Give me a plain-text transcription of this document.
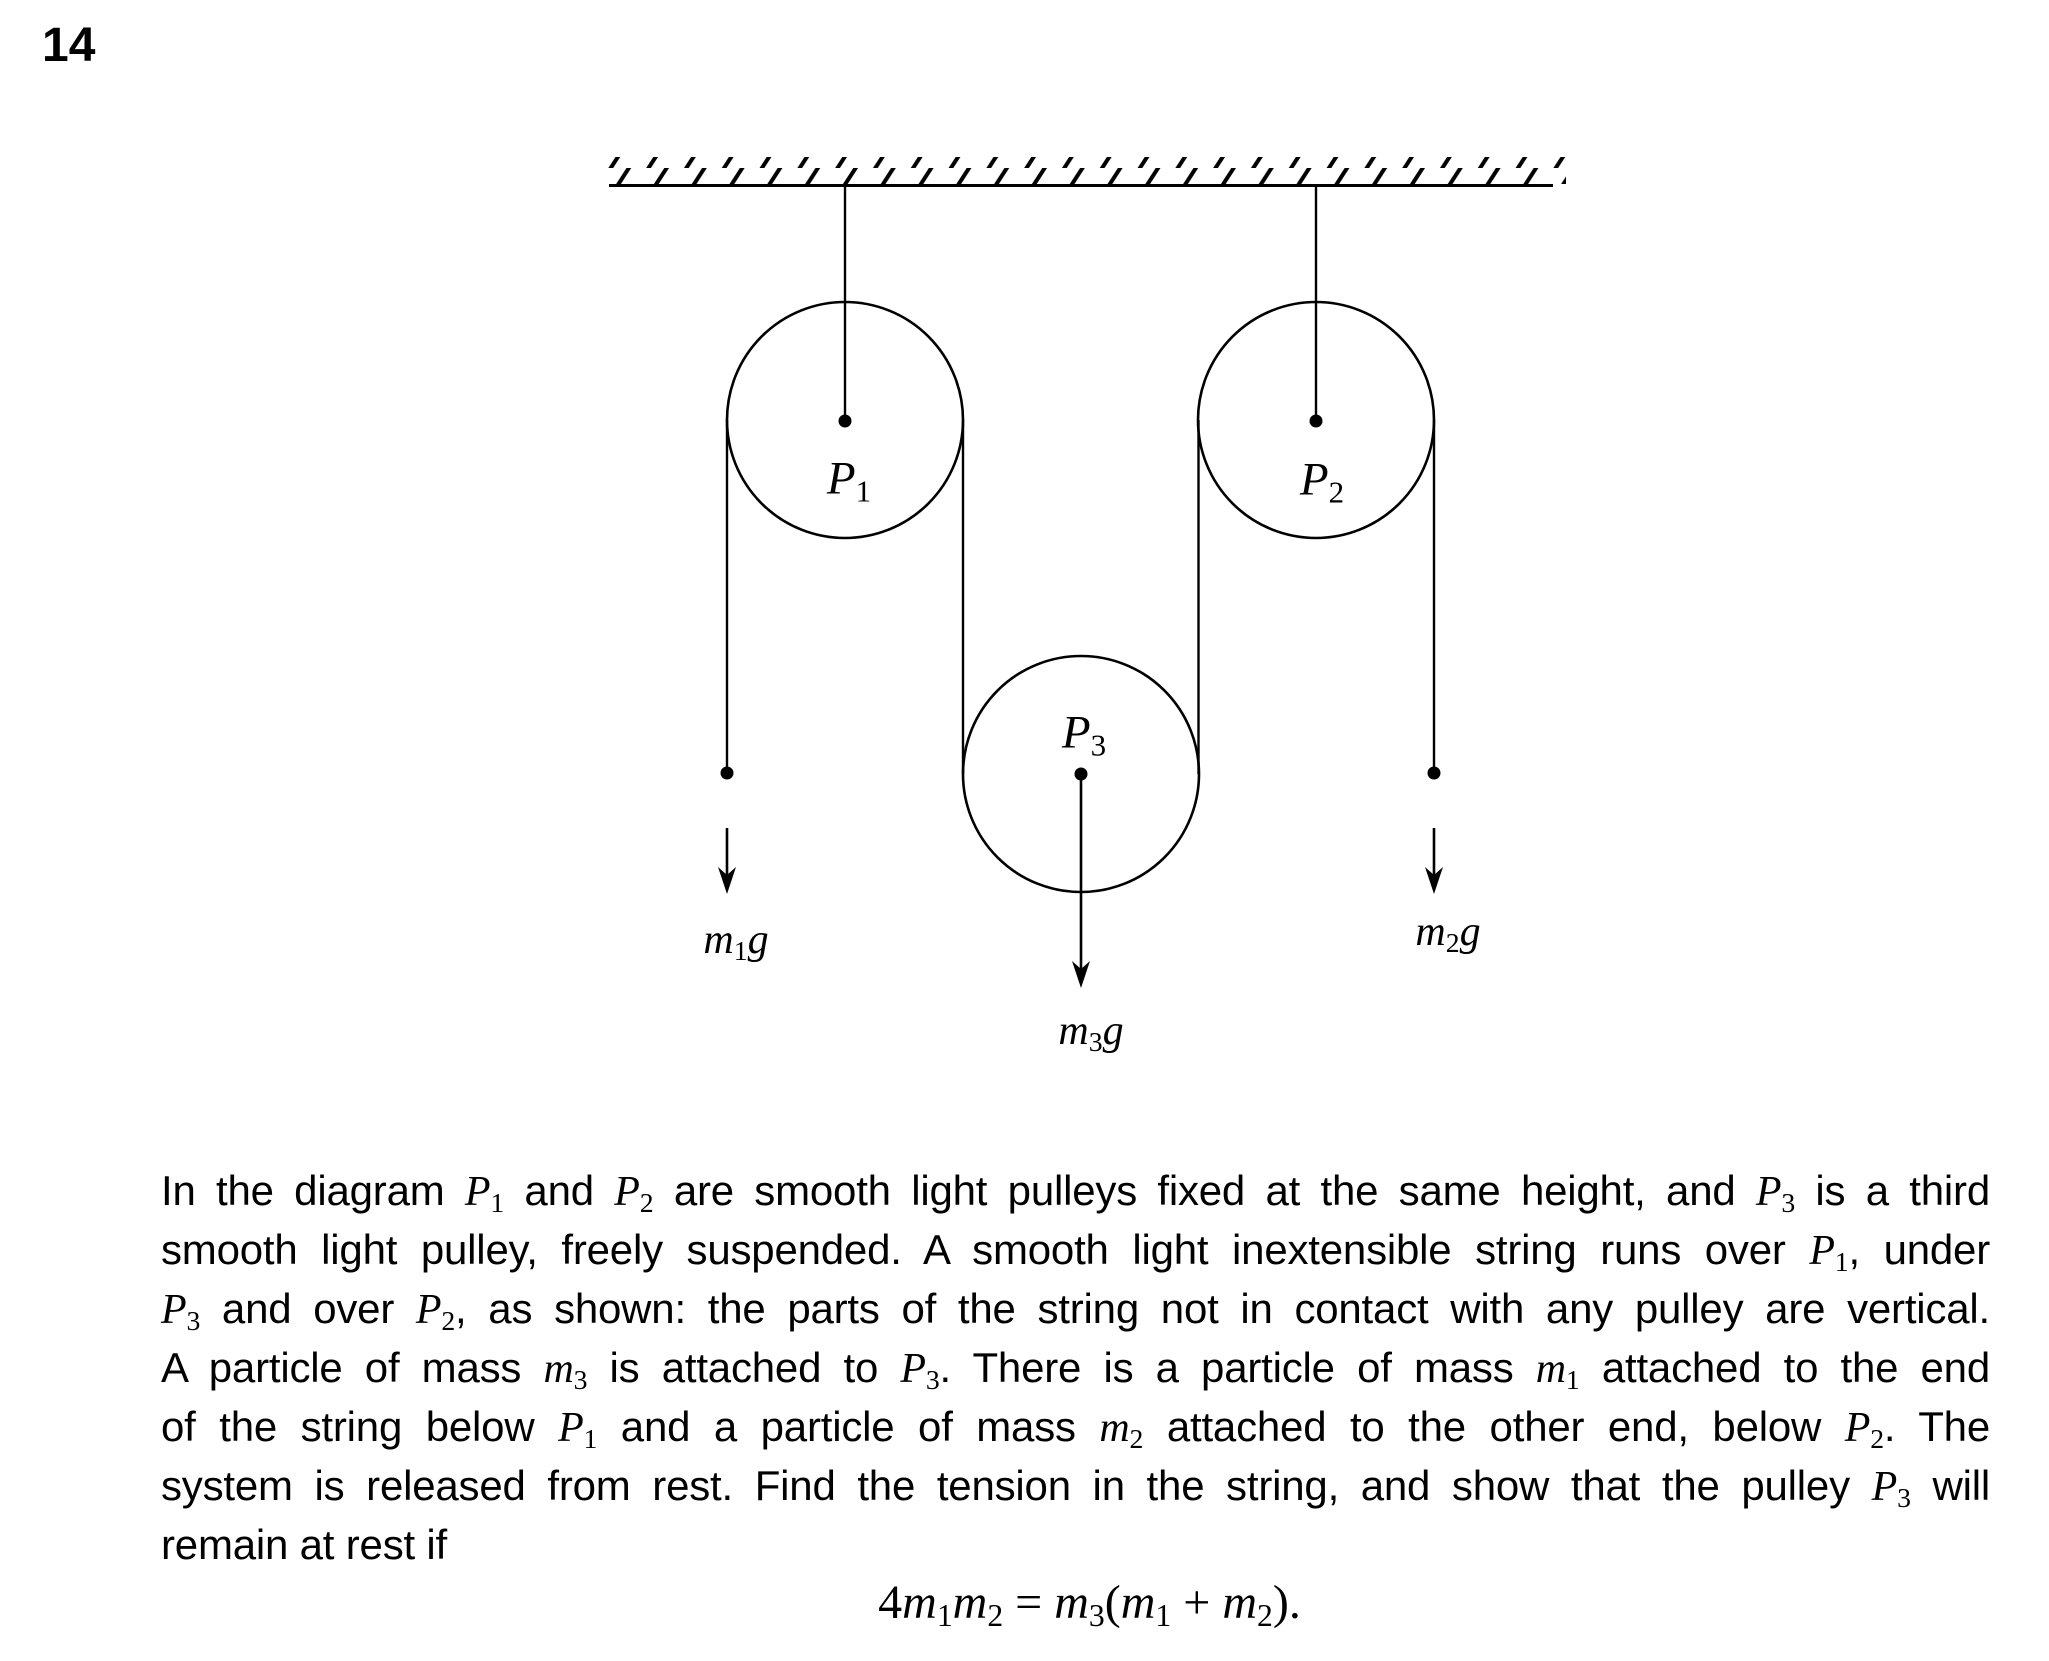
14
$P_1$	$P_2$
$P_3$
$m_1g$	$m_2g$
$m_3g$
In the diagram $P_1$ and $P_2$ are smooth light pulleys fixed at the same height, and $P_3$ is a third
smooth light pulley, freely suspended. A smooth light inextensible string runs over $P_1$, under
$P_3$ and over $P_2$, as shown: the parts of the string not in contact with any pulley are vertical.
A particle of mass $m_3$ is attached to $P_3$. There is a particle of mass $m_1$ attached to the end
of the string below $P_1$ and a particle of mass $m_2$ attached to the other end, below $P_2$. The
system is released from rest. Find the tension in the string, and show that the pulley $P_3$ will
remain at rest if
$4m_1m_2 = m_3(m_1 + m_2)$.
